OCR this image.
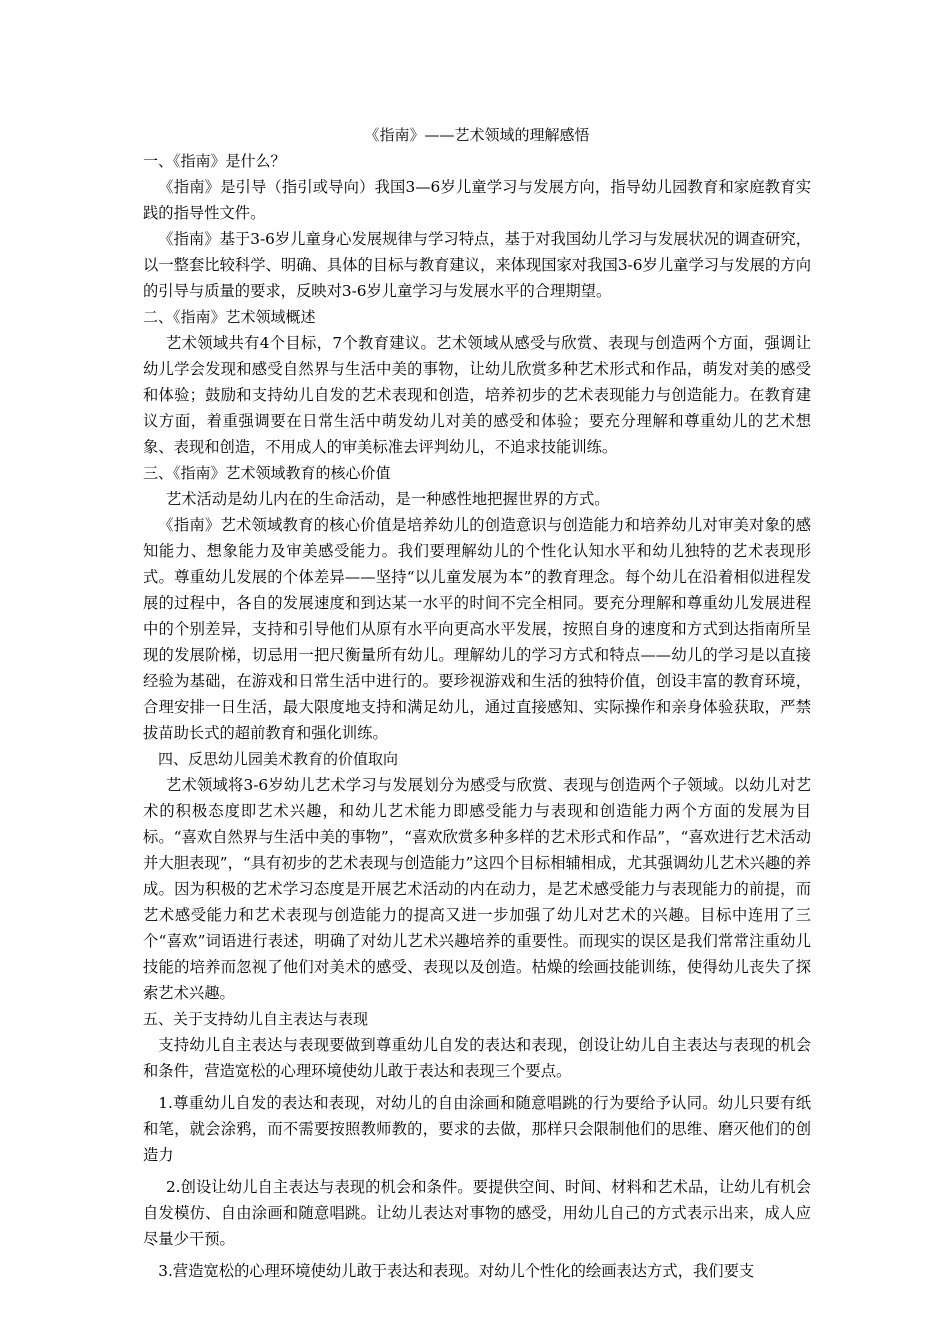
《指南》——艺术领域的理解感悟

一、《指南》是什么？

《指南》是引导（指引或导向）我国3—6岁儿童学习与发展方向，指导幼儿园教育和家庭教育实践的指导性文件。

《指南》基于3-6岁儿童身心发展规律与学习特点，基于对我国幼儿学习与发展状况的调查研究，以一整套比较科学、明确、具体的目标与教育建议，来体现国家对我国3-6岁儿童学习与发展的方向的引导与质量的要求，反映对3-6岁儿童学习与发展水平的合理期望。

二、《指南》艺术领域概述

艺术领域共有4个目标，7个教育建议。艺术领域从感受与欣赏、表现与创造两个方面，强调让幼儿学会发现和感受自然界与生活中美的事物，让幼儿欣赏多种艺术形式和作品，萌发对美的感受和体验；鼓励和支持幼儿自发的艺术表现和创造，培养初步的艺术表现能力与创造能力。在教育建议方面，着重强调要在日常生活中萌发幼儿对美的感受和体验；要充分理解和尊重幼儿的艺术想象、表现和创造，不用成人的审美标准去评判幼儿，不追求技能训练。

三、《指南》艺术领域教育的核心价值

艺术活动是幼儿内在的生命活动，是一种感性地把握世界的方式。

《指南》艺术领域教育的核心价值是培养幼儿的创造意识与创造能力和培养幼儿对审美对象的感知能力、想象能力及审美感受能力。我们要理解幼儿的个性化认知水平和幼儿独特的艺术表现形式。尊重幼儿发展的个体差异——坚持“以儿童发展为本”的教育理念。每个幼儿在沿着相似进程发展的过程中，各自的发展速度和到达某一水平的时间不完全相同。要充分理解和尊重幼儿发展进程中的个别差异，支持和引导他们从原有水平向更高水平发展，按照自身的速度和方式到达指南所呈现的发展阶梯，切忌用一把尺衡量所有幼儿。理解幼儿的学习方式和特点——幼儿的学习是以直接经验为基础，在游戏和日常生活中进行的。要珍视游戏和生活的独特价值，创设丰富的教育环境，合理安排一日生活，最大限度地支持和满足幼儿，通过直接感知、实际操作和亲身体验获取，严禁拔苗助长式的超前教育和强化训练。

四、反思幼儿园美术教育的价值取向

艺术领域将3-6岁幼儿艺术学习与发展划分为感受与欣赏、表现与创造两个子领域。以幼儿对艺术的积极态度即艺术兴趣，和幼儿艺术能力即感受能力与表现和创造能力两个方面的发展为目标。“喜欢自然界与生活中美的事物”，“喜欢欣赏多种多样的艺术形式和作品”，“喜欢进行艺术活动并大胆表现”，“具有初步的艺术表现与创造能力”这四个目标相辅相成，尤其强调幼儿艺术兴趣的养成。因为积极的艺术学习态度是开展艺术活动的内在动力，是艺术感受能力与表现能力的前提，而艺术感受能力和艺术表现与创造能力的提高又进一步加强了幼儿对艺术的兴趣。目标中连用了三个“喜欢”词语进行表述，明确了对幼儿艺术兴趣培养的重要性。而现实的误区是我们常常注重幼儿技能的培养而忽视了他们对美术的感受、表现以及创造。枯燥的绘画技能训练，使得幼儿丧失了探索艺术兴趣。

五、关于支持幼儿自主表达与表现

支持幼儿自主表达与表现要做到尊重幼儿自发的表达和表现，创设让幼儿自主表达与表现的机会和条件，营造宽松的心理环境使幼儿敢于表达和表现三个要点。

1.尊重幼儿自发的表达和表现，对幼儿的自由涂画和随意唱跳的行为要给予认同。幼儿只要有纸和笔，就会涂鸦，而不需要按照教师教的，要求的去做，那样只会限制他们的思维、磨灭他们的创造力

2.创设让幼儿自主表达与表现的机会和条件。要提供空间、时间、材料和艺术品，让幼儿有机会自发模仿、自由涂画和随意唱跳。让幼儿表达对事物的感受，用幼儿自己的方式表示出来，成人应尽量少干预。

3.营造宽松的心理环境使幼儿敢于表达和表现。对幼儿个性化的绘画表达方式，我们要支
